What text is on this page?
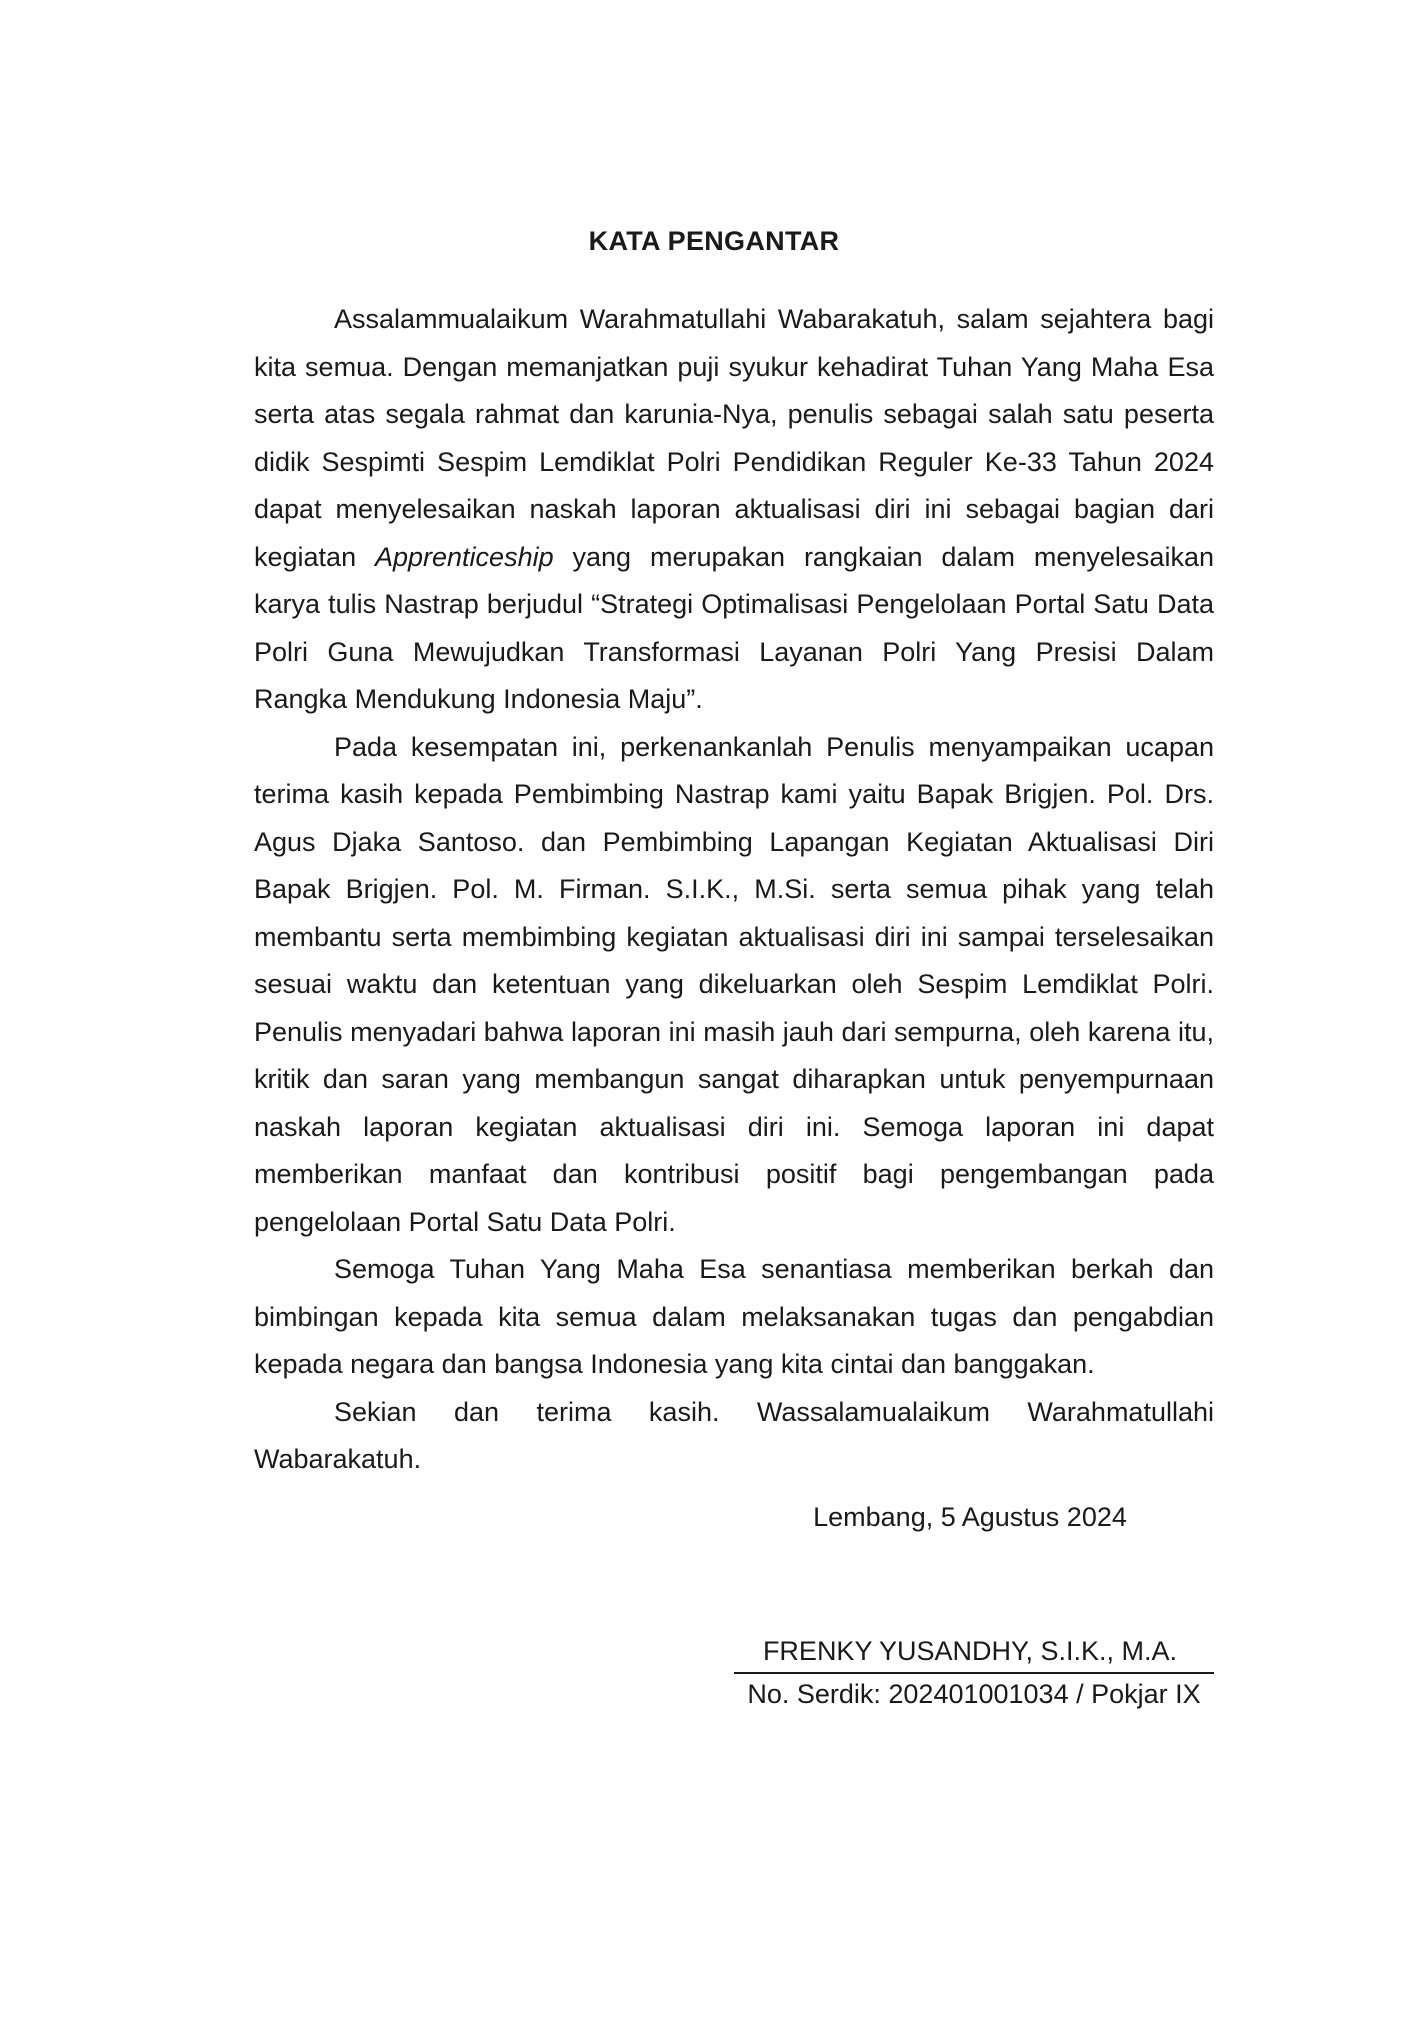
KATA PENGANTAR

Assalammualaikum Warahmatullahi Wabarakatuh, salam sejahtera bagi kita semua. Dengan memanjatkan puji syukur kehadirat Tuhan Yang Maha Esa serta atas segala rahmat dan karunia-Nya, penulis sebagai salah satu peserta didik Sespimti Sespim Lemdiklat Polri Pendidikan Reguler Ke-33 Tahun 2024 dapat menyelesaikan naskah laporan aktualisasi diri ini sebagai bagian dari kegiatan Apprenticeship yang merupakan rangkaian dalam menyelesaikan karya tulis Nastrap berjudul “Strategi Optimalisasi Pengelolaan Portal Satu Data Polri Guna Mewujudkan Transformasi Layanan Polri Yang Presisi Dalam Rangka Mendukung Indonesia Maju”.

Pada kesempatan ini, perkenankanlah Penulis menyampaikan ucapan terima kasih kepada Pembimbing Nastrap kami yaitu Bapak Brigjen. Pol. Drs. Agus Djaka Santoso. dan Pembimbing Lapangan Kegiatan Aktualisasi Diri Bapak Brigjen. Pol. M. Firman. S.I.K., M.Si. serta semua pihak yang telah membantu serta membimbing kegiatan aktualisasi diri ini sampai terselesaikan sesuai waktu dan ketentuan yang dikeluarkan oleh Sespim Lemdiklat Polri. Penulis menyadari bahwa laporan ini masih jauh dari sempurna, oleh karena itu, kritik dan saran yang membangun sangat diharapkan untuk penyempurnaan naskah laporan kegiatan aktualisasi diri ini. Semoga laporan ini dapat memberikan manfaat dan kontribusi positif bagi pengembangan pada pengelolaan Portal Satu Data Polri.

Semoga Tuhan Yang Maha Esa senantiasa memberikan berkah dan bimbingan kepada kita semua dalam melaksanakan tugas dan pengabdian kepada negara dan bangsa Indonesia yang kita cintai dan banggakan.

Sekian dan terima kasih. Wassalamualaikum Warahmatullahi Wabarakatuh.

Lembang, 5 Agustus 2024
FRENKY YUSANDHY, S.I.K., M.A.
No. Serdik: 202401001034 / Pokjar IX
